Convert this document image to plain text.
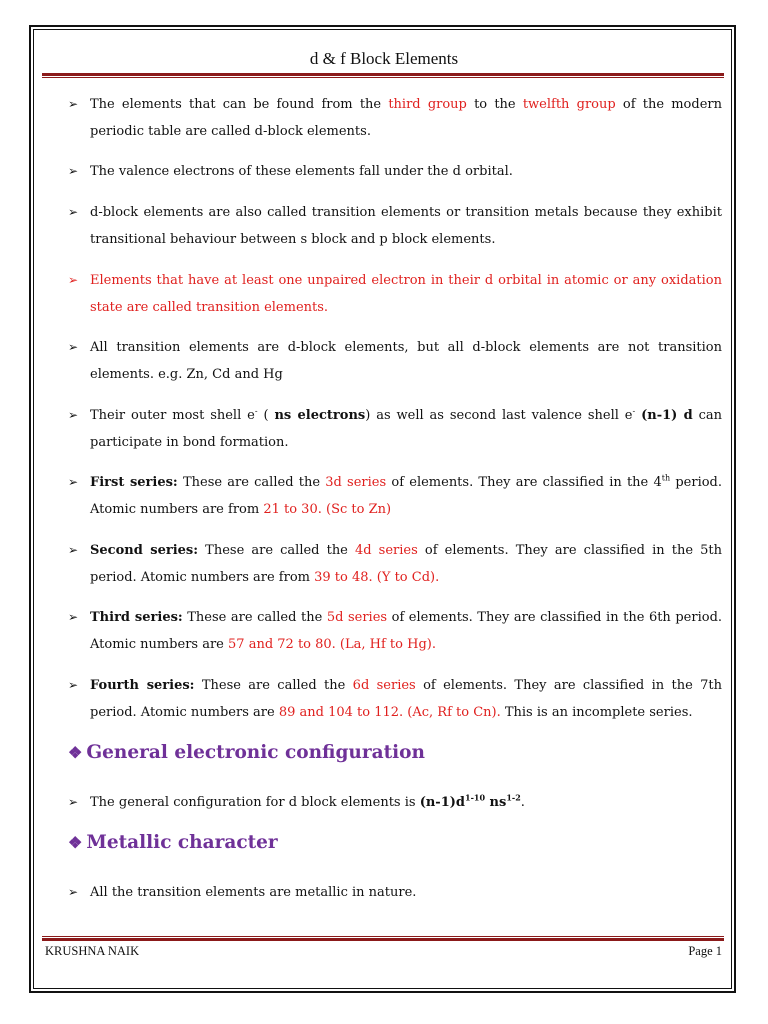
d & f Block Elements
➢ The elements that can be found from the third group to the twelfth group of the modern periodic table are called d-block elements.
➢ The valence electrons of these elements fall under the d orbital.
➢ d-block elements are also called transition elements or transition metals because they exhibit transitional behaviour between s block and p block elements.
➢ Elements that have at least one unpaired electron in their d orbital in atomic or any oxidation state are called transition elements.
➢ All transition elements are d-block elements, but all d-block elements are not transition elements. e.g. Zn, Cd and Hg
➢ Their outer most shell e- ( ns electrons) as well as second last valence shell e- (n-1) d can participate in bond formation.
➢ First series: These are called the 3d series of elements. They are classified in the 4th period. Atomic numbers are from 21 to 30. (Sc to Zn)
➢ Second series: These are called the 4d series of elements. They are classified in the 5th period. Atomic numbers are from 39 to 48. (Y to Cd).
➢ Third series: These are called the 5d series of elements. They are classified in the 6th period. Atomic numbers are 57 and 72 to 80. (La, Hf to Hg).
➢ Fourth series: These are called the 6d series of elements. They are classified in the 7th period. Atomic numbers are 89 and 104 to 112. (Ac, Rf to Cn). This is an incomplete series.
❖ General electronic configuration
➢ The general configuration for d block elements is $(n-1)d^{1-10}$ $ns^{1-2}$.
❖ Metallic character
➢ All the transition elements are metallic in nature.
KRUSHNA NAIK	Page 1
